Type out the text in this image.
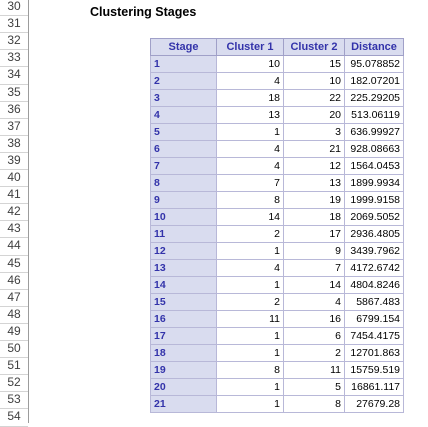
30
31
32
33
34
35
36
37
38
39
40
41
42
43
44
45
46
47
48
49
50
51
52
53
54
Clustering Stages
Stage	Cluster 1	Cluster 2	Distance
1	10	15	95.078852
2	4	10	182.07201
3	18	22	225.29205
4	13	20	513.06119
5	1	3	636.99927
6	4	21	928.08663
7	4	12	1564.0453
8	7	13	1899.9934
9	8	19	1999.9158
10	14	18	2069.5052
11	2	17	2936.4805
12	1	9	3439.7962
13	4	7	4172.6742
14	1	14	4804.8246
15	2	4	5867.483
16	11	16	6799.154
17	1	6	7454.4175
18	1	2	12701.863
19	8	11	15759.519
20	1	5	16861.117
21	1	8	27679.28
